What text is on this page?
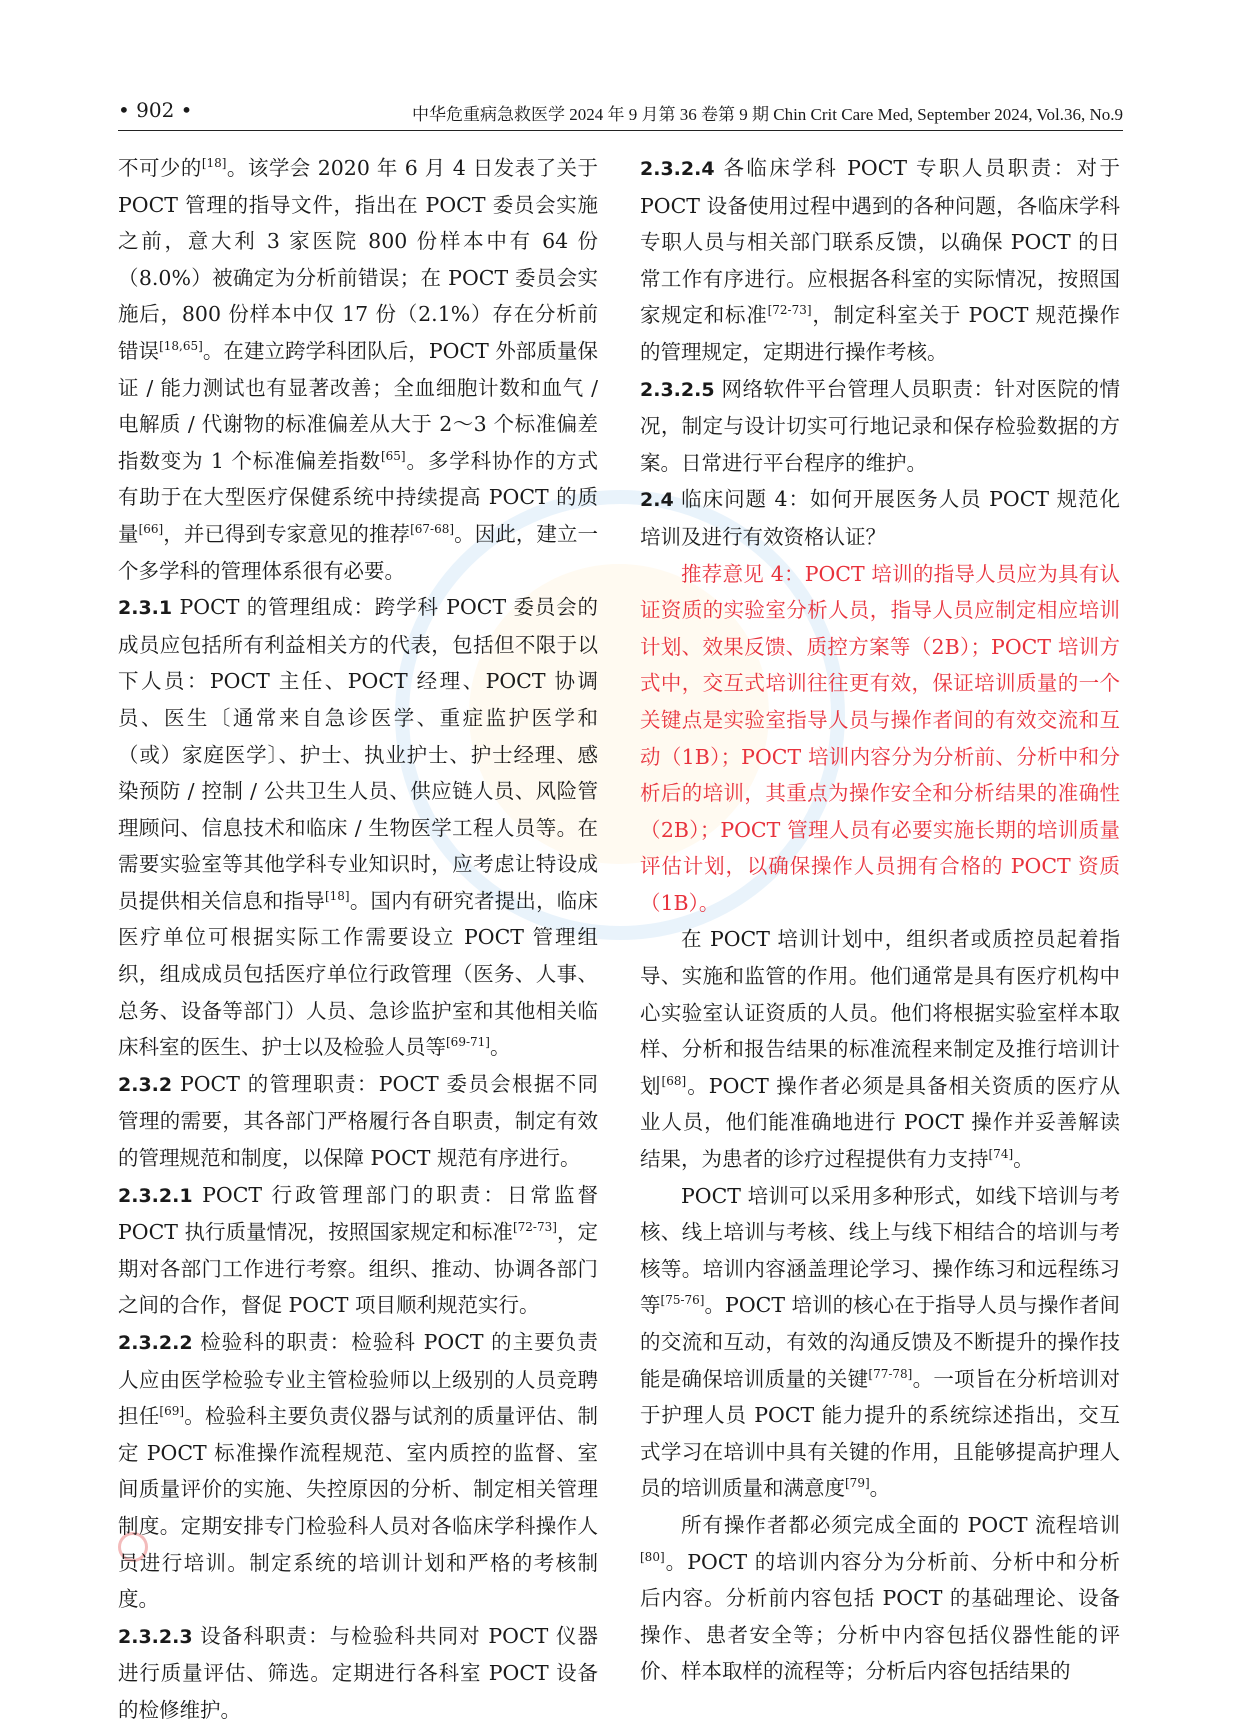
• 902 •	中华危重病急救医学 2024 年 9 月第 36 卷第 9 期 Chin Crit Care Med, September 2024, Vol.36, No.9

不可少的[18]。该学会 2020 年 6 月 4 日发表了关于 POCT 管理的指导文件，指出在 POCT 委员会实施之前，意大利 3 家医院 800 份样本中有 64 份（8.0%）被确定为分析前错误；在 POCT 委员会实施后，800 份样本中仅 17 份（2.1%）存在分析前错误[18,65]。在建立跨学科团队后，POCT 外部质量保证 / 能力测试也有显著改善；全血细胞计数和血气 / 电解质 / 代谢物的标准偏差从大于 2～3 个标准偏差指数变为 1 个标准偏差指数[65]。多学科协作的方式有助于在大型医疗保健系统中持续提高 POCT 的质量[66]，并已得到专家意见的推荐[67-68]。因此，建立一个多学科的管理体系很有必要。

2.3.1 POCT 的管理组成：跨学科 POCT 委员会的成员应包括所有利益相关方的代表，包括但不限于以下人员：POCT 主任、POCT 经理、POCT 协调员、医生〔通常来自急诊医学、重症监护医学和（或）家庭医学〕、护士、执业护士、护士经理、感染预防 / 控制 / 公共卫生人员、供应链人员、风险管理顾问、信息技术和临床 / 生物医学工程人员等。在需要实验室等其他学科专业知识时，应考虑让特设成员提供相关信息和指导[18]。国内有研究者提出，临床医疗单位可根据实际工作需要设立 POCT 管理组织，组成成员包括医疗单位行政管理（医务、人事、总务、设备等部门）人员、急诊监护室和其他相关临床科室的医生、护士以及检验人员等[69-71]。

2.3.2 POCT 的管理职责：POCT 委员会根据不同管理的需要，其各部门严格履行各自职责，制定有效的管理规范和制度，以保障 POCT 规范有序进行。

2.3.2.1 POCT 行政管理部门的职责：日常监督 POCT 执行质量情况，按照国家规定和标准[72-73]，定期对各部门工作进行考察。组织、推动、协调各部门之间的合作，督促 POCT 项目顺利规范实行。

2.3.2.2 检验科的职责：检验科 POCT 的主要负责人应由医学检验专业主管检验师以上级别的人员竞聘担任[69]。检验科主要负责仪器与试剂的质量评估、制定 POCT 标准操作流程规范、室内质控的监督、室间质量评价的实施、失控原因的分析、制定相关管理制度。定期安排专门检验科人员对各临床学科操作人员进行培训。制定系统的培训计划和严格的考核制度。

2.3.2.3 设备科职责：与检验科共同对 POCT 仪器进行质量评估、筛选。定期进行各科室 POCT 设备的检修维护。

2.3.2.4 各临床学科 POCT 专职人员职责：对于 POCT 设备使用过程中遇到的各种问题，各临床学科专职人员与相关部门联系反馈，以确保 POCT 的日常工作有序进行。应根据各科室的实际情况，按照国家规定和标准[72-73]，制定科室关于 POCT 规范操作的管理规定，定期进行操作考核。

2.3.2.5 网络软件平台管理人员职责：针对医院的情况，制定与设计切实可行地记录和保存检验数据的方案。日常进行平台程序的维护。

2.4 临床问题 4：如何开展医务人员 POCT 规范化培训及进行有效资格认证？

推荐意见 4：POCT 培训的指导人员应为具有认证资质的实验室分析人员，指导人员应制定相应培训计划、效果反馈、质控方案等（2B）；POCT 培训方式中，交互式培训往往更有效，保证培训质量的一个关键点是实验室指导人员与操作者间的有效交流和互动（1B）；POCT 培训内容分为分析前、分析中和分析后的培训，其重点为操作安全和分析结果的准确性（2B）；POCT 管理人员有必要实施长期的培训质量评估计划，以确保操作人员拥有合格的 POCT 资质（1B）。

在 POCT 培训计划中，组织者或质控员起着指导、实施和监管的作用。他们通常是具有医疗机构中心实验室认证资质的人员。他们将根据实验室样本取样、分析和报告结果的标准流程来制定及推行培训计划[68]。POCT 操作者必须是具备相关资质的医疗从业人员，他们能准确地进行 POCT 操作并妥善解读结果，为患者的诊疗过程提供有力支持[74]。

POCT 培训可以采用多种形式，如线下培训与考核、线上培训与考核、线上与线下相结合的培训与考核等。培训内容涵盖理论学习、操作练习和远程练习等[75-76]。POCT 培训的核心在于指导人员与操作者间的交流和互动，有效的沟通反馈及不断提升的操作技能是确保培训质量的关键[77-78]。一项旨在分析培训对于护理人员 POCT 能力提升的系统综述指出，交互式学习在培训中具有关键的作用，且能够提高护理人员的培训质量和满意度[79]。

所有操作者都必须完成全面的 POCT 流程培训[80]。POCT 的培训内容分为分析前、分析中和分析后内容。分析前内容包括 POCT 的基础理论、设备操作、患者安全等；分析中内容包括仪器性能的评价、样本取样的流程等；分析后内容包括结果的
